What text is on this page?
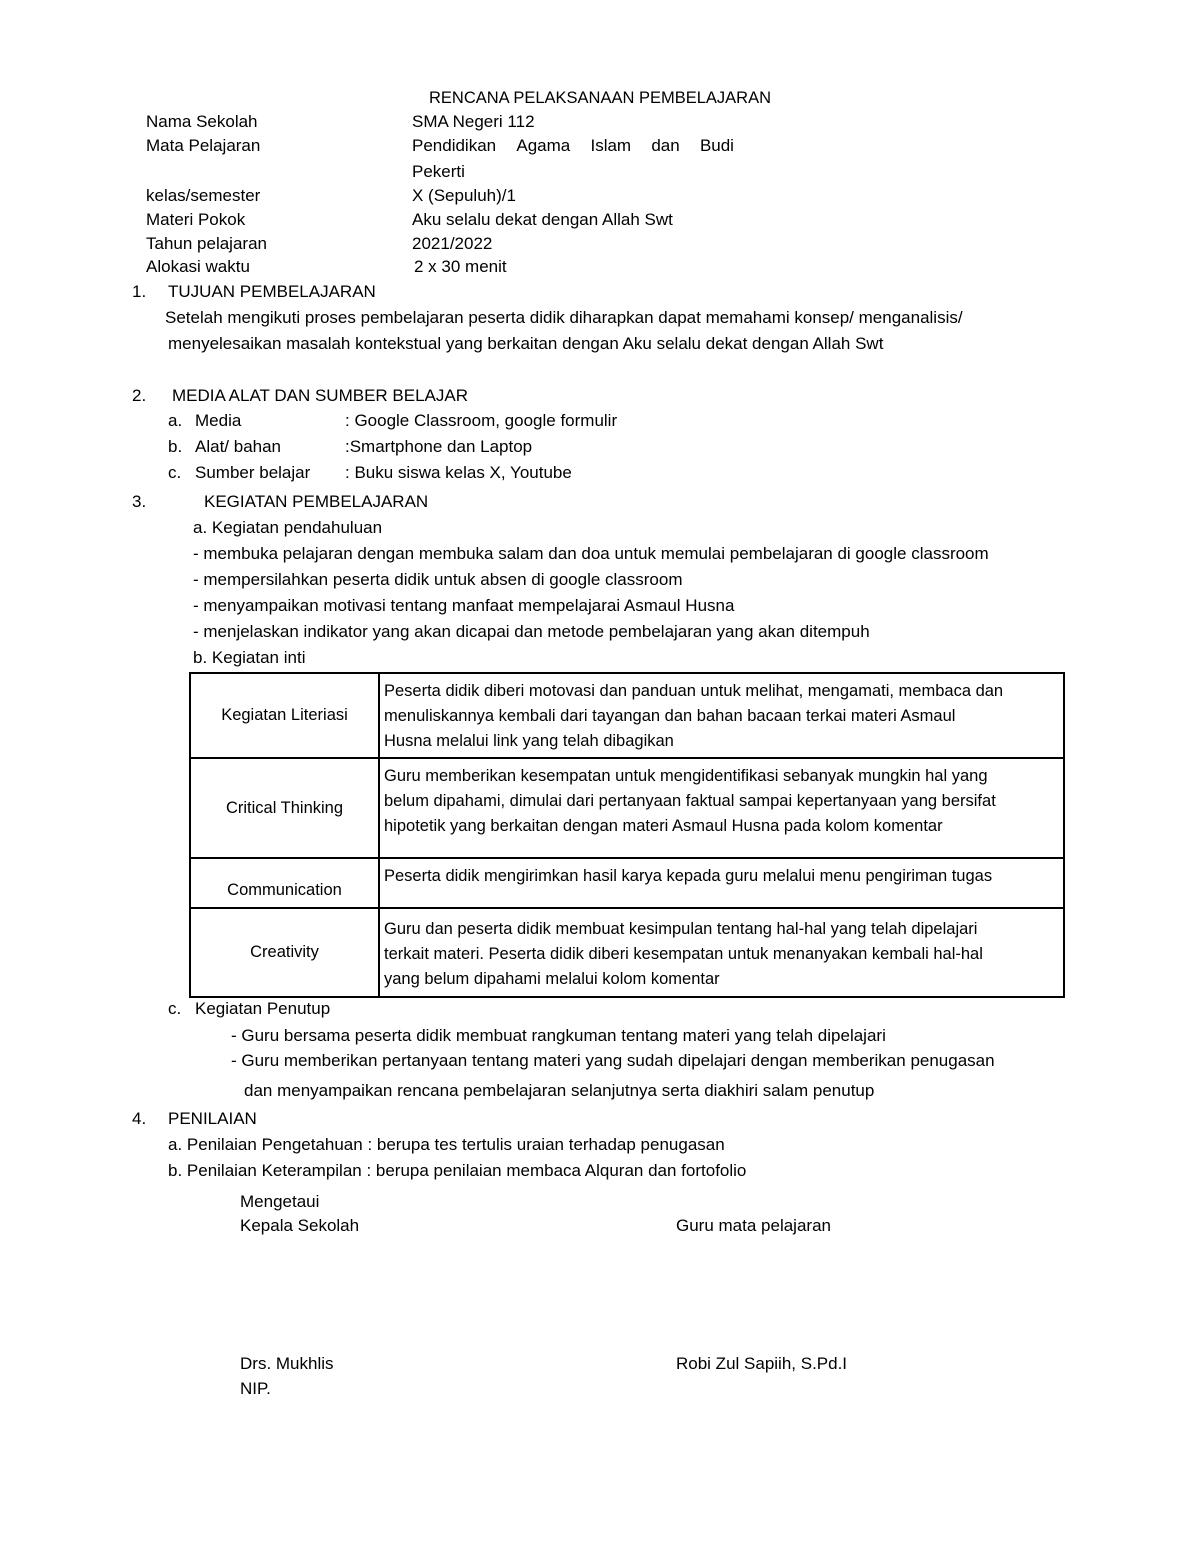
RENCANA PELAKSANAAN PEMBELAJARAN
Nama Sekolah	SMA Negeri 112
Mata Pelajaran	Pendidikan Agama Islam dan Budi
Pekerti
kelas/semester	X (Sepuluh)/1
Materi Pokok	Aku selalu dekat dengan Allah Swt
Tahun pelajaran	2021/2022
Alokasi waktu	2 x 30 menit
1. TUJUAN PEMBELAJARAN
Setelah mengikuti proses pembelajaran peserta didik diharapkan dapat memahami konsep/ menganalisis/
menyelesaikan masalah kontekstual yang berkaitan dengan Aku selalu dekat dengan Allah Swt
2. MEDIA ALAT DAN SUMBER BELAJAR
a. Media	: Google Classroom, google formulir
b. Alat/ bahan	:Smartphone dan Laptop
c. Sumber belajar : Buku siswa kelas X, Youtube
3.	KEGIATAN PEMBELAJARAN
a. Kegiatan pendahuluan
- membuka pelajaran dengan membuka salam dan doa untuk memulai pembelajaran di google classroom
- mempersilahkan peserta didik untuk absen di google classroom
- menyampaikan motivasi tentang manfaat mempelajarai Asmaul Husna
- menjelaskan indikator yang akan dicapai dan metode pembelajaran yang akan ditempuh
b. Kegiatan inti
Kegiatan Literiasi	Peserta didik diberi motovasi dan panduan untuk melihat, mengamati, membaca dan
menuliskannya kembali dari tayangan dan bahan bacaan terkai materi Asmaul
Husna melalui link yang telah dibagikan

Critical Thinking	Guru memberikan kesempatan untuk mengidentifikasi sebanyak mungkin hal yang
belum dipahami, dimulai dari pertanyaan faktual sampai kepertanyaan yang bersifat
hipotetik yang berkaitan dengan materi Asmaul Husna pada kolom komentar

Communication	Peserta didik mengirimkan hasil karya kepada guru melalui menu pengiriman tugas

Creativity	Guru dan peserta didik membuat kesimpulan tentang hal-hal yang telah dipelajari
terkait materi. Peserta didik diberi kesempatan untuk menanyakan kembali hal-hal
yang belum dipahami melalui kolom komentar
c. Kegiatan Penutup
- Guru bersama peserta didik membuat rangkuman tentang materi yang telah dipelajari
- Guru memberikan pertanyaan tentang materi yang sudah dipelajari dengan memberikan penugasan
dan menyampaikan rencana pembelajaran selanjutnya serta diakhiri salam penutup
4. PENILAIAN
a. Penilaian Pengetahuan : berupa tes tertulis uraian terhadap penugasan
b. Penilaian Keterampilan : berupa penilaian membaca Alquran dan fortofolio
Mengetaui
Kepala Sekolah	Guru mata pelajaran
Drs. Mukhlis
NIP.
Robi Zul Sapiih, S.Pd.I
